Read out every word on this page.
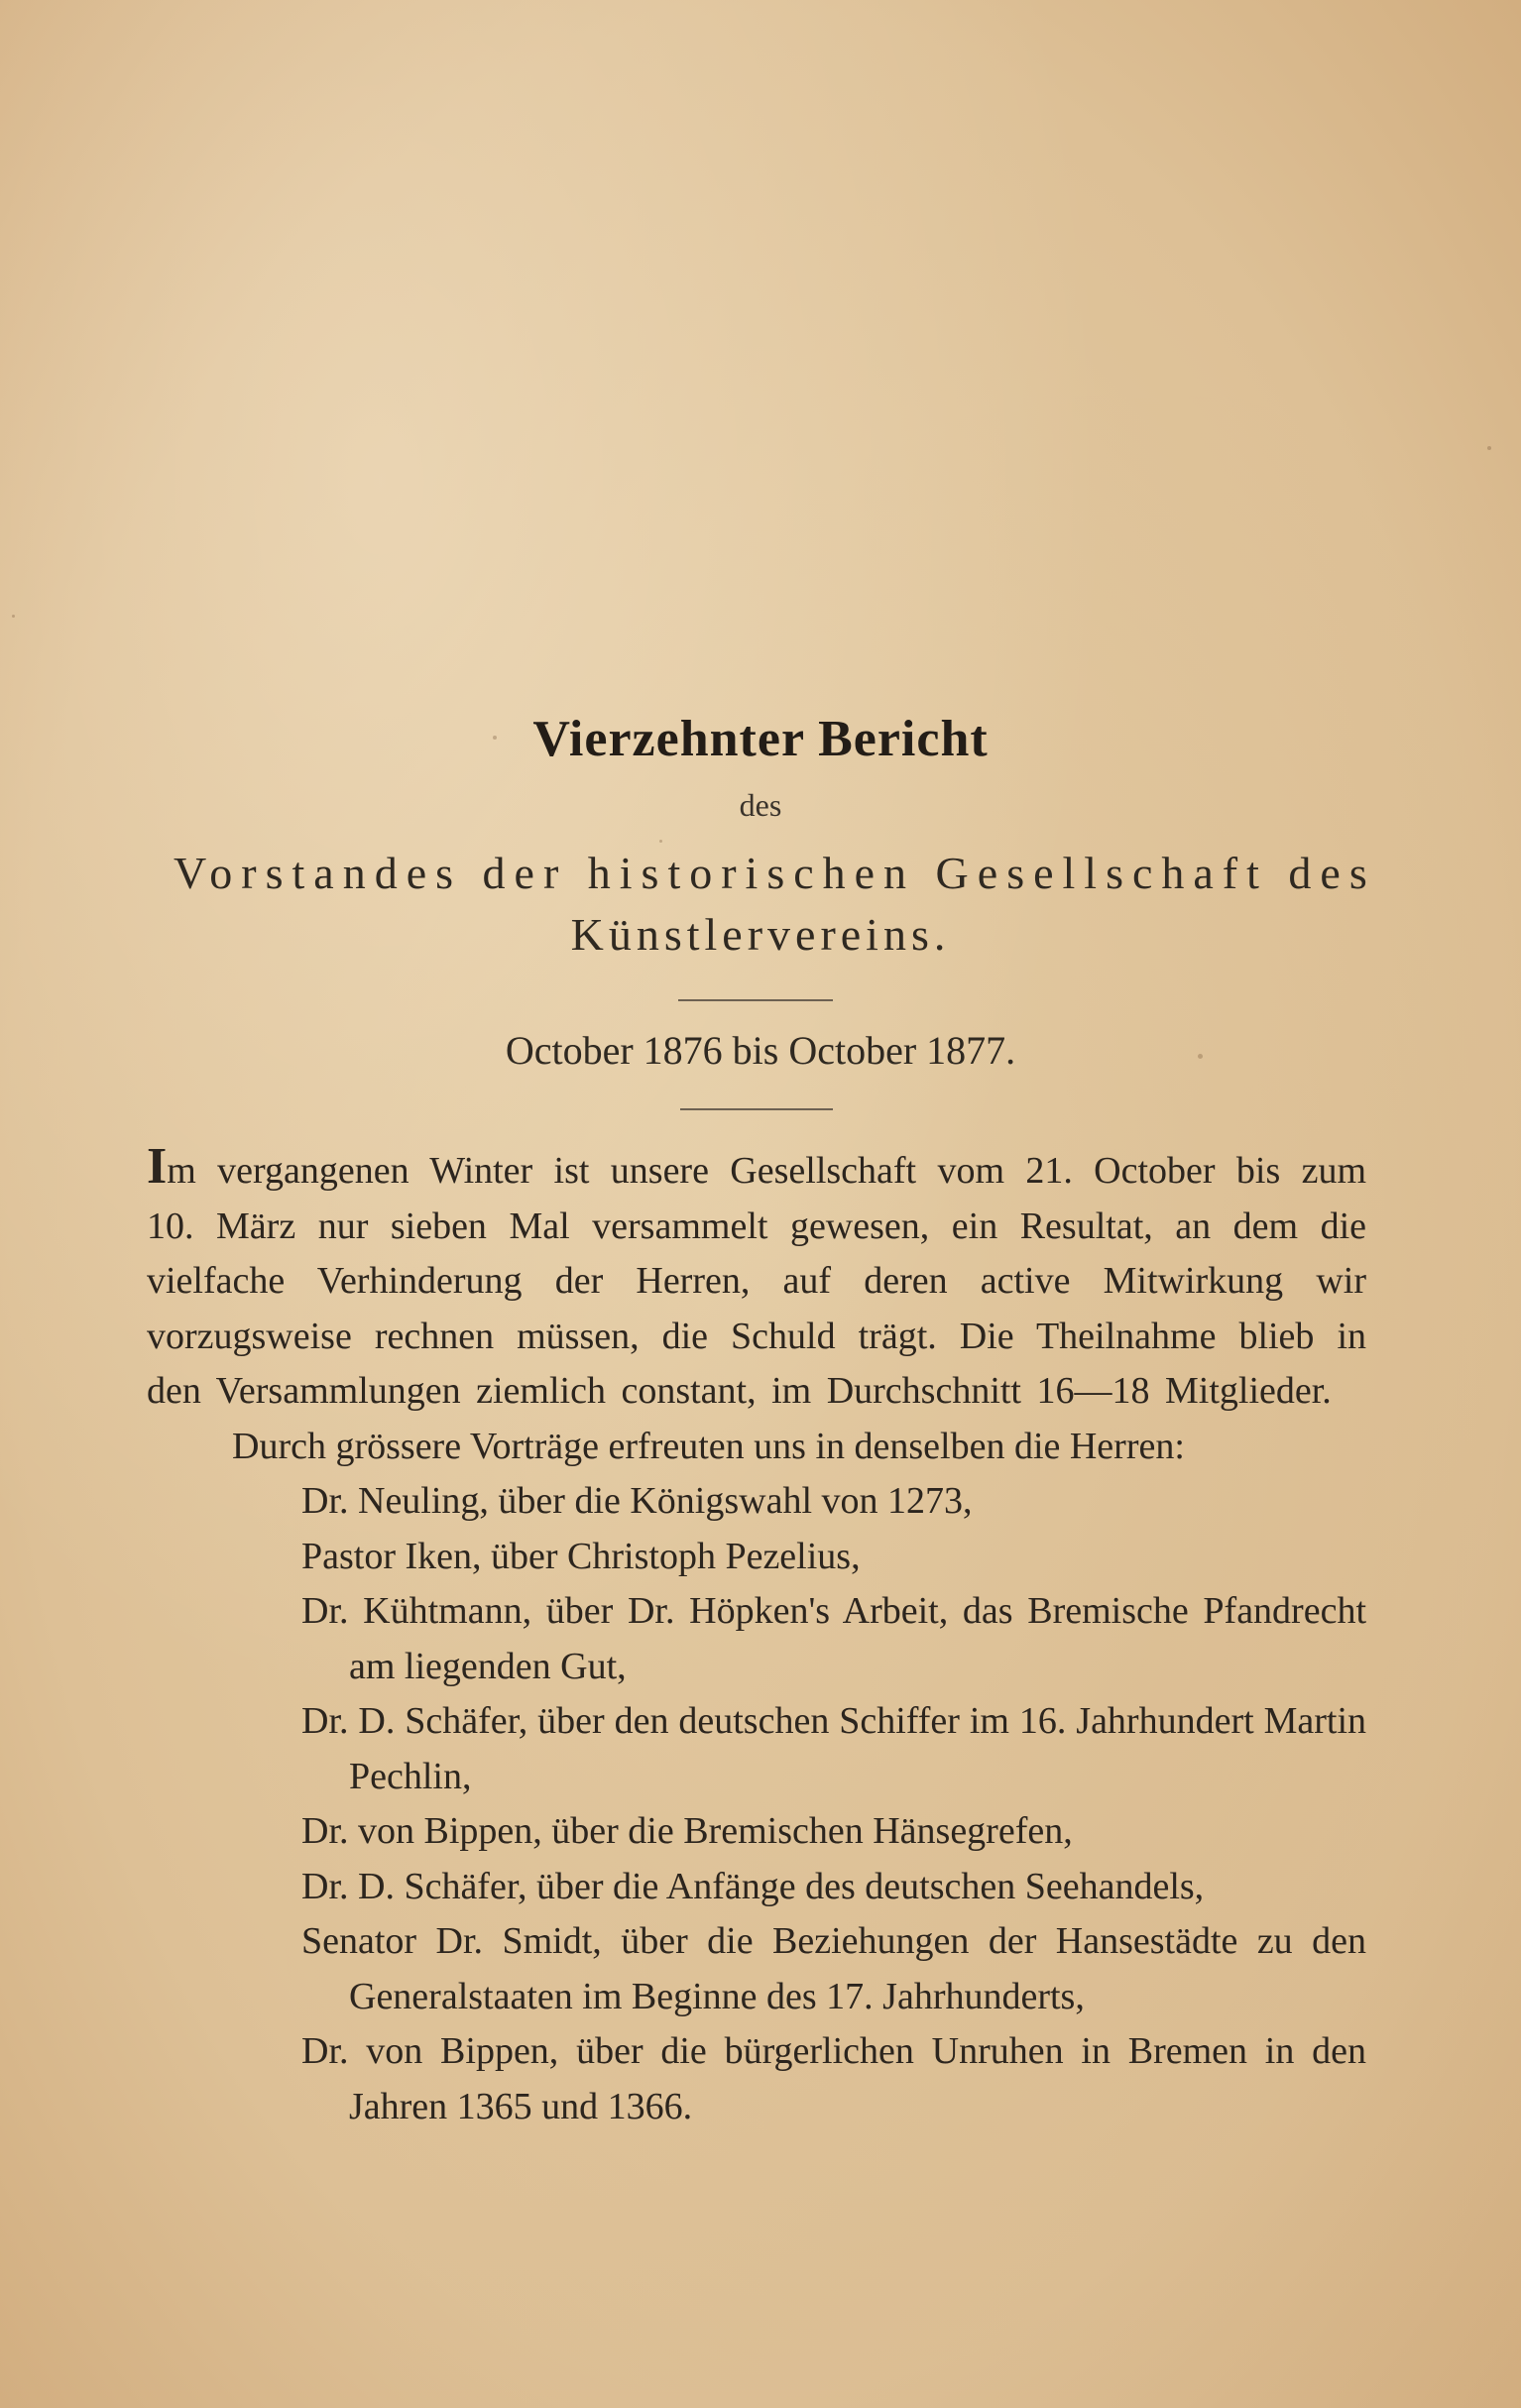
Vierzehnter Bericht
des
Vorstandes der historischen Gesellschaft des
Künstlervereins.
October 1876 bis October 1877.

Im vergangenen Winter ist unsere Gesellschaft vom 21. October bis zum 10. März nur sieben Mal versammelt gewesen, ein Resultat, an dem die vielfache Verhinderung der Herren, auf deren active Mitwirkung wir vorzugsweise rechnen müssen, die Schuld trägt. Die Theilnahme blieb in den Versammlungen ziemlich constant, im Durchschnitt 16—18 Mitglieder.

Durch grössere Vorträge erfreuten uns in denselben die Herren:

Dr. Neuling, über die Königswahl von 1273,
Pastor Iken, über Christoph Pezelius,
Dr. Kühtmann, über Dr. Höpken's Arbeit, das Bremische Pfandrecht am liegenden Gut,
Dr. D. Schäfer, über den deutschen Schiffer im 16. Jahrhundert Martin Pechlin,
Dr. von Bippen, über die Bremischen Hänsegrefen,
Dr. D. Schäfer, über die Anfänge des deutschen Seehandels,
Senator Dr. Smidt, über die Beziehungen der Hansestädte zu den Generalstaaten im Beginne des 17. Jahrhunderts,
Dr. von Bippen, über die bürgerlichen Unruhen in Bremen in den Jahren 1365 und 1366.
